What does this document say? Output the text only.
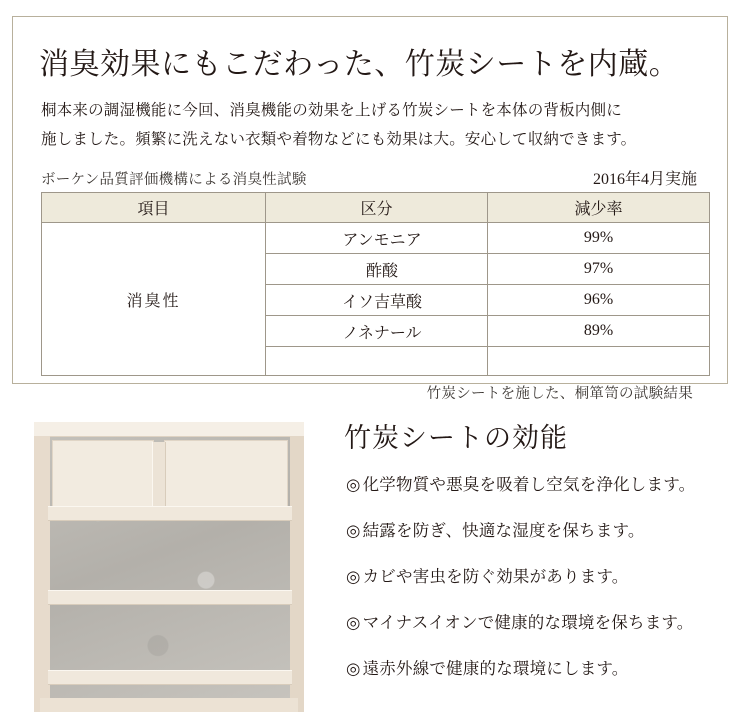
消臭効果にもこだわった、竹炭シートを内蔵。
桐本来の調湿機能に今回、消臭機能の効果を上げる竹炭シートを本体の背板内側に
施しました。頻繁に洗えない衣類や着物などにも効果は大。安心して収納できます。
ボーケン品質評価機構による消臭性試験	2016年4月実施
項目	区分	減少率
消臭性	アンモニア	99%
	酢酸	97%
	イソ吉草酸	96%
	ノネナール	89%

竹炭シートを施した、桐箪笥の試験結果
竹炭シートの効能
◎ 化学物質や悪臭を吸着し空気を浄化します。
◎ 結露を防ぎ、快適な湿度を保ちます。
◎ カビや害虫を防ぐ効果があります。
◎ マイナスイオンで健康的な環境を保ちます。
◎ 遠赤外線で健康的な環境にします。
